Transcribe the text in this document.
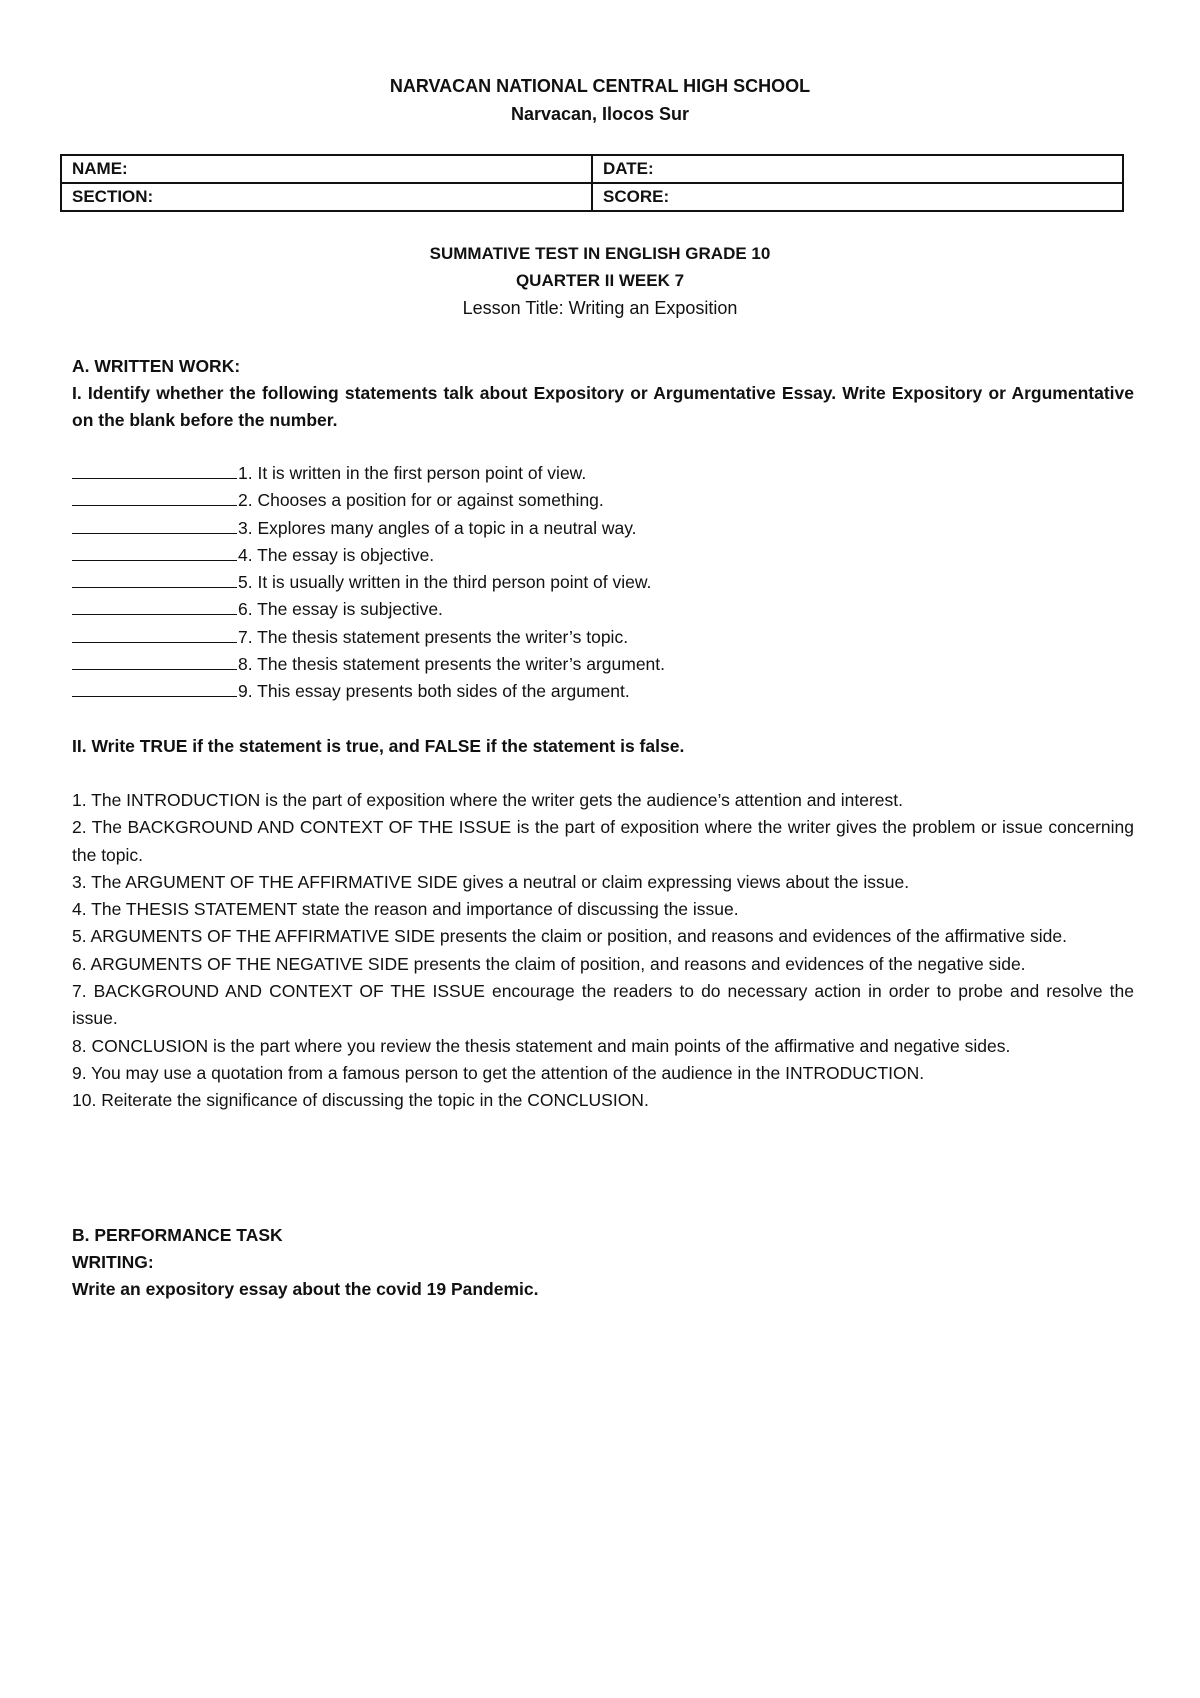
NARVACAN NATIONAL CENTRAL HIGH SCHOOL
Narvacan, Ilocos Sur
NAME:	DATE:
SECTION:	SCORE:
SUMMATIVE TEST IN ENGLISH GRADE 10
QUARTER II WEEK 7
Lesson Title: Writing an Exposition
A. WRITTEN WORK:
I. Identify whether the following statements talk about Expository or Argumentative Essay. Write Expository or Argumentative on the blank before the number.
1. It is written in the first person point of view.
2. Chooses a position for or against something.
3. Explores many angles of a topic in a neutral way.
4. The essay is objective.
5. It is usually written in the third person point of view.
6. The essay is subjective.
7. The thesis statement presents the writer’s topic.
8. The thesis statement presents the writer’s argument.
9. This essay presents both sides of the argument.
II. Write TRUE if the statement is true, and FALSE if the statement is false.
1. The INTRODUCTION is the part of exposition where the writer gets the audience’s attention and interest.
2. The BACKGROUND AND CONTEXT OF THE ISSUE is the part of exposition where the writer gives the problem or issue concerning the topic.
3. The ARGUMENT OF THE AFFIRMATIVE SIDE gives a neutral or claim expressing views about the issue.
4. The THESIS STATEMENT state the reason and importance of discussing the issue.
5. ARGUMENTS OF THE AFFIRMATIVE SIDE presents the claim or position, and reasons and evidences of the affirmative side.
6. ARGUMENTS OF THE NEGATIVE SIDE presents the claim of position, and reasons and evidences of the negative side.
7. BACKGROUND AND CONTEXT OF THE ISSUE encourage the readers to do necessary action in order to probe and resolve the issue.
8. CONCLUSION is the part where you review the thesis statement and main points of the affirmative and negative sides.
9. You may use a quotation from a famous person to get the attention of the audience in the INTRODUCTION.
10. Reiterate the significance of discussing the topic in the CONCLUSION.
B. PERFORMANCE TASK
WRITING:
Write an expository essay about the covid 19 Pandemic.
